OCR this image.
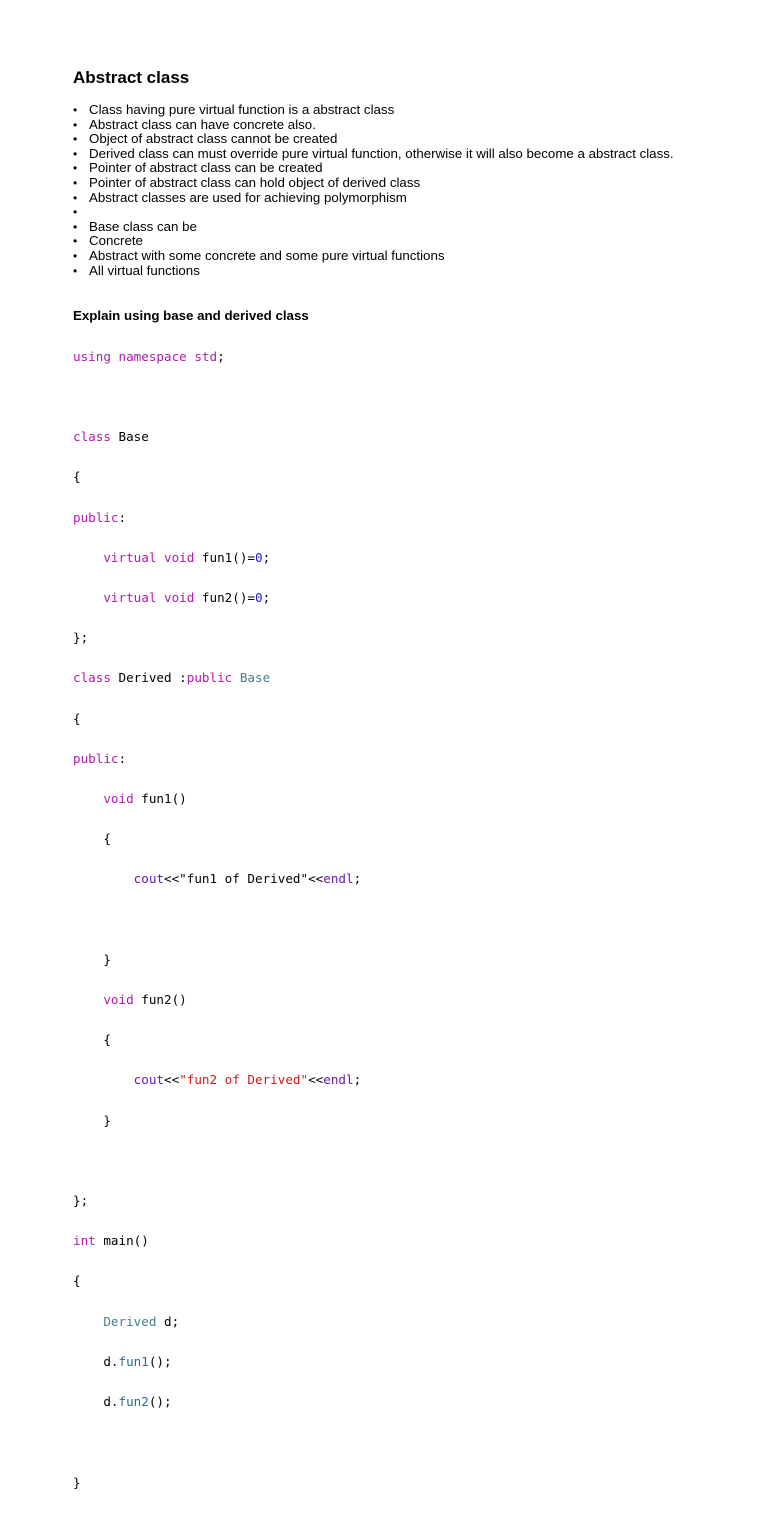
Abstract class
• Class having pure virtual function is a abstract class
• Abstract class can have concrete also.
• Object of abstract class cannot be created
• Derived class can must override pure virtual function, otherwise it will also become a abstract class.
• Pointer of abstract class can be created
• Pointer of abstract class can hold object of derived class
• Abstract classes are used for achieving polymorphism
•
• Base class can be
• Concrete
• Abstract with some concrete and some pure virtual functions
• All virtual functions
Explain using base and derived class

using namespace std;

class Base

{

public:

virtual void fun1()=0;

virtual void fun2()=0;

};

class Derived :public Base

{

public:

void fun1()

{

cout<<"fun1 of Derived"<<endl;

}

void fun2()

{

cout<<"fun2 of Derived"<<endl;

}

};

int main()

{

Derived d;

d.fun1();

d.fun2();

}
